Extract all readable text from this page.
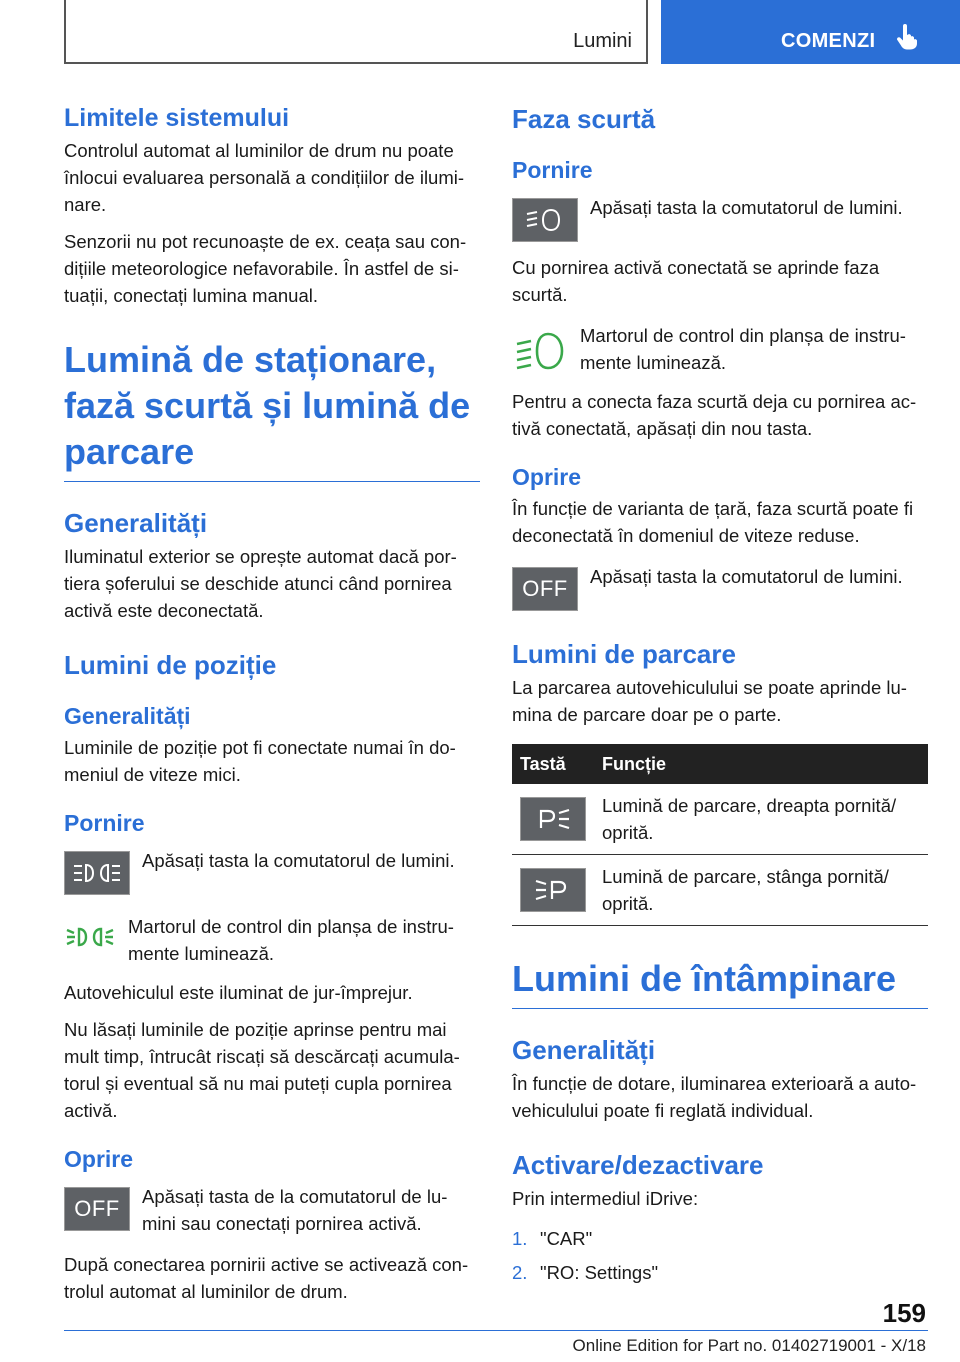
Lumini	COMENZI
Limitele sistemului

Controlul automat al luminilor de drum nu poate înlocui evaluarea personală a condițiilor de ilumi-nare.

Senzorii nu pot recunoaște de ex. ceața sau con-dițiile meteorologice nefavorabile. În astfel de si-tuații, conectați lumina manual.

Lumină de staționare, fază scurtă și lumină de parcare
Generalități

Iluminatul exterior se oprește automat dacă por-tiera șoferului se deschide atunci când pornirea activă este deconectată.

Lumini de poziție
Generalități

Luminile de poziție pot fi conectate numai în do-meniul de viteze mici.

Pornire

Apăsați tasta la comutatorul de lumini.

Martorul de control din planșa de instru-mente luminează.

Autovehiculul este iluminat de jur-împrejur.

Nu lăsați luminile de poziție aprinse pentru mai mult timp, întrucât riscați să descărcați acumula-torul și eventual să nu mai puteți cupla pornirea activă.

Oprire
OFF	Apăsați tasta de la comutatorul de lu-mini sau conectați pornirea activă.

După conectarea pornirii active se activează con-trolul automat al luminilor de drum.

Faza scurtă
Pornire

Apăsați tasta la comutatorul de lumini.

Cu pornirea activă conectată se aprinde faza scurtă.

Martorul de control din planșa de instru-mente luminează.

Pentru a conecta faza scurtă deja cu pornirea ac-tivă conectată, apăsați din nou tasta.

Oprire

În funcție de varianta de țară, faza scurtă poate fi deconectată în domeniul de viteze reduse.

OFF	Apăsați tasta la comutatorul de lumini.

Lumini de parcare

La parcarea autovehiculului se poate aprinde lu-mina de parcare doar pe o parte.

Tastă	Funcție

	Lumină de parcare, dreapta pornită/ oprită.

	Lumină de parcare, stânga pornită/ oprită.
Lumini de întâmpinare
Generalități

În funcție de dotare, iluminarea exterioară a auto-vehiculului poate fi reglată individual.

Activare/dezactivare

Prin intermediul iDrive:

1. "CAR"
2. "RO: Settings"
159
Online Edition for Part no. 01402719001 - X/18
